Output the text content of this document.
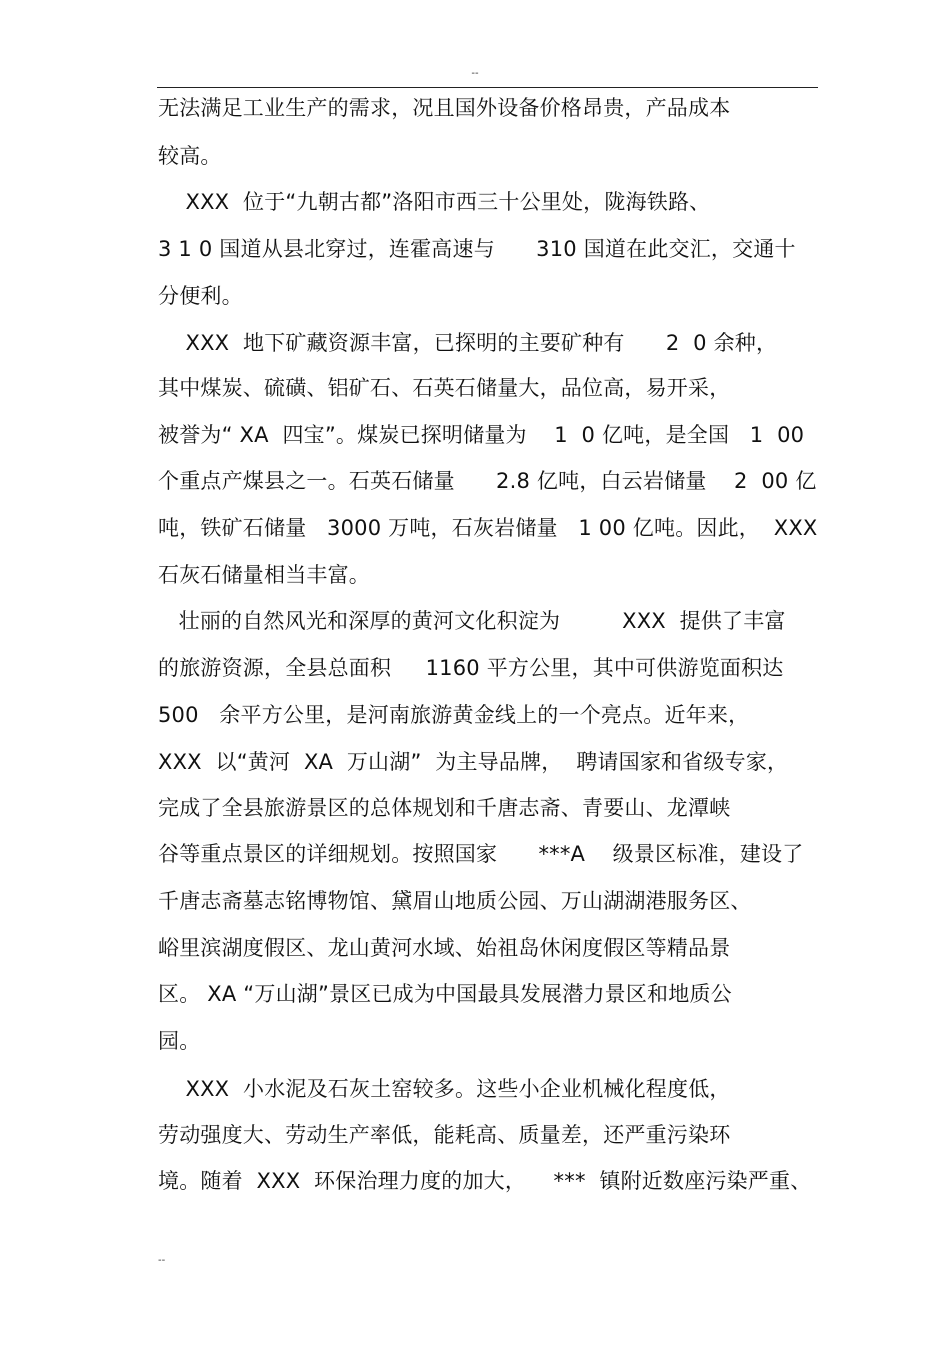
--
无法满足工业生产的需求，况且国外设备价格昂贵，产品成本
较高。
XXX  位于“九朝古都”洛阳市西三十公里处，陇海铁路、
3 1 0 国道从县北穿过，连霍高速与      310 国道在此交汇，交通十
分便利。
XXX  地下矿藏资源丰富，已探明的主要矿种有      2  0 余种，
其中煤炭、硫磺、铝矿石、石英石储量大，品位高，易开采，
被誉为“ XA  四宝”。煤炭已探明储量为    1  0 亿吨，是全国   1  00
个重点产煤县之一。石英石储量      2.8 亿吨，白云岩储量    2  00 亿
吨，铁矿石储量   3000 万吨，石灰岩储量   1 00 亿吨。因此，  XXX
石灰石储量相当丰富。
壮丽的自然风光和深厚的黄河文化积淀为         XXX  提供了丰富
的旅游资源，全县总面积     1160 平方公里，其中可供游览面积达
500   余平方公里，是河南旅游黄金线上的一个亮点。近年来，
XXX  以“黄河  XA  万山湖”  为主导品牌，  聘请国家和省级专家，
完成了全县旅游景区的总体规划和千唐志斋、青要山、龙潭峡
谷等重点景区的详细规划。按照国家      ***A    级景区标准，建设了
千唐志斋墓志铭博物馆、黛眉山地质公园、万山湖湖港服务区、
峪里滨湖度假区、龙山黄河水域、始祖岛休闲度假区等精品景
区。 XA “万山湖”景区已成为中国最具发展潜力景区和地质公
园。
XXX  小水泥及石灰土窑较多。这些小企业机械化程度低，
劳动强度大、劳动生产率低，能耗高、质量差，还严重污染环
境。随着  XXX  环保治理力度的加大，    ***  镇附近数座污染严重、
--
